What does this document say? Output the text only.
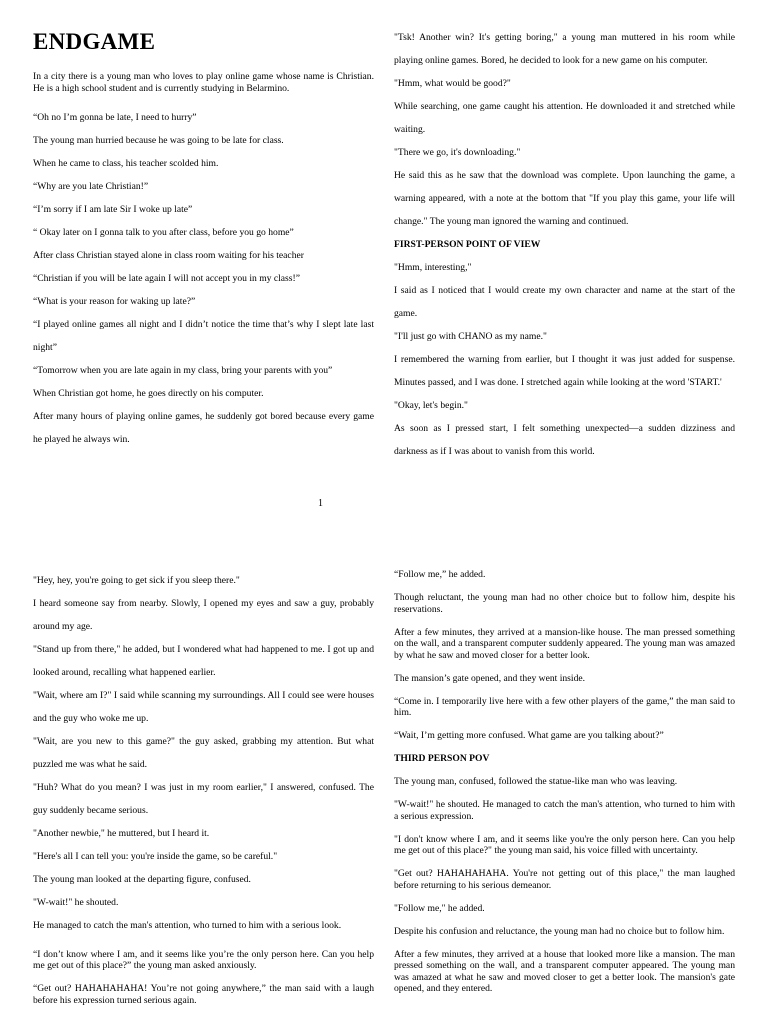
ENDGAME

In a city there is a young man who loves to play online game whose name is Christian. He is a high school student and is currently studying in Belarmino.

“Oh no I’m gonna be late, I need to hurry”

The young man hurried because he was going to be late for class.

When he came to class, his teacher scolded him.

“Why are you late Christian!”

“I’m sorry if I am late Sir I woke up late”

“ Okay later on I gonna talk to you after class, before you go home”

After class Christian stayed alone in class room waiting for his teacher

“Christian if you will be late again I will not accept you in my class!”

“What is your reason for waking up late?”

“I played online games all night and I didn’t notice the time that’s why I slept late last night”

“Tomorrow when you are late again in my class, bring your parents with you”

When Christian got home, he goes directly on his computer.

After many hours of playing online games, he suddenly got bored because every game he played he always win.

"Tsk! Another win? It's getting boring," a young man muttered in his room while playing online games. Bored, he decided to look for a new game on his computer.

"Hmm, what would be good?"

While searching, one game caught his attention. He downloaded it and stretched while waiting.

"There we go, it's downloading."

He said this as he saw that the download was complete. Upon launching the game, a warning appeared, with a note at the bottom that "If you play this game, your life will change." The young man ignored the warning and continued.

FIRST-PERSON POINT OF VIEW

"Hmm, interesting,"

I said as I noticed that I would create my own character and name at the start of the game.

"I'll just go with CHANO as my name."

I remembered the warning from earlier, but I thought it was just added for suspense. Minutes passed, and I was done. I stretched again while looking at the word 'START.'

"Okay, let's begin."

As soon as I pressed start, I felt something unexpected—a sudden dizziness and darkness as if I was about to vanish from this world.

1

"Hey, hey, you're going to get sick if you sleep there."

I heard someone say from nearby. Slowly, I opened my eyes and saw a guy, probably around my age.

"Stand up from there," he added, but I wondered what had happened to me. I got up and looked around, recalling what happened earlier.

"Wait, where am I?" I said while scanning my surroundings. All I could see were houses and the guy who woke me up.

"Wait, are you new to this game?" the guy asked, grabbing my attention. But what puzzled me was what he said.

"Huh? What do you mean? I was just in my room earlier," I answered, confused. The guy suddenly became serious.

"Another newbie," he muttered, but I heard it.

"Here's all I can tell you: you're inside the game, so be careful."

The young man looked at the departing figure, confused.

"W-wait!" he shouted.

He managed to catch the man's attention, who turned to him with a serious look.

“I don’t know where I am, and it seems like you’re the only person here. Can you help me get out of this place?” the young man asked anxiously.

“Get out? HAHAHAHAHA! You’re not going anywhere,” the man said with a laugh before his expression turned serious again.

“Follow me,” he added.

Though reluctant, the young man had no other choice but to follow him, despite his reservations.

After a few minutes, they arrived at a mansion-like house. The man pressed something on the wall, and a transparent computer suddenly appeared. The young man was amazed by what he saw and moved closer for a better look.

The mansion’s gate opened, and they went inside.

“Come in. I temporarily live here with a few other players of the game,” the man said to him.

“Wait, I’m getting more confused. What game are you talking about?”

THIRD PERSON POV

The young man, confused, followed the statue-like man who was leaving.

"W-wait!" he shouted. He managed to catch the man's attention, who turned to him with a serious expression.

"I don't know where I am, and it seems like you're the only person here. Can you help me get out of this place?" the young man said, his voice filled with uncertainty.

"Get out? HAHAHAHAHA. You're not getting out of this place," the man laughed before returning to his serious demeanor.

"Follow me," he added.

Despite his confusion and reluctance, the young man had no choice but to follow him.

After a few minutes, they arrived at a house that looked more like a mansion. The man pressed something on the wall, and a transparent computer appeared. The young man was amazed at what he saw and moved closer to get a better look. The mansion's gate opened, and they entered.
